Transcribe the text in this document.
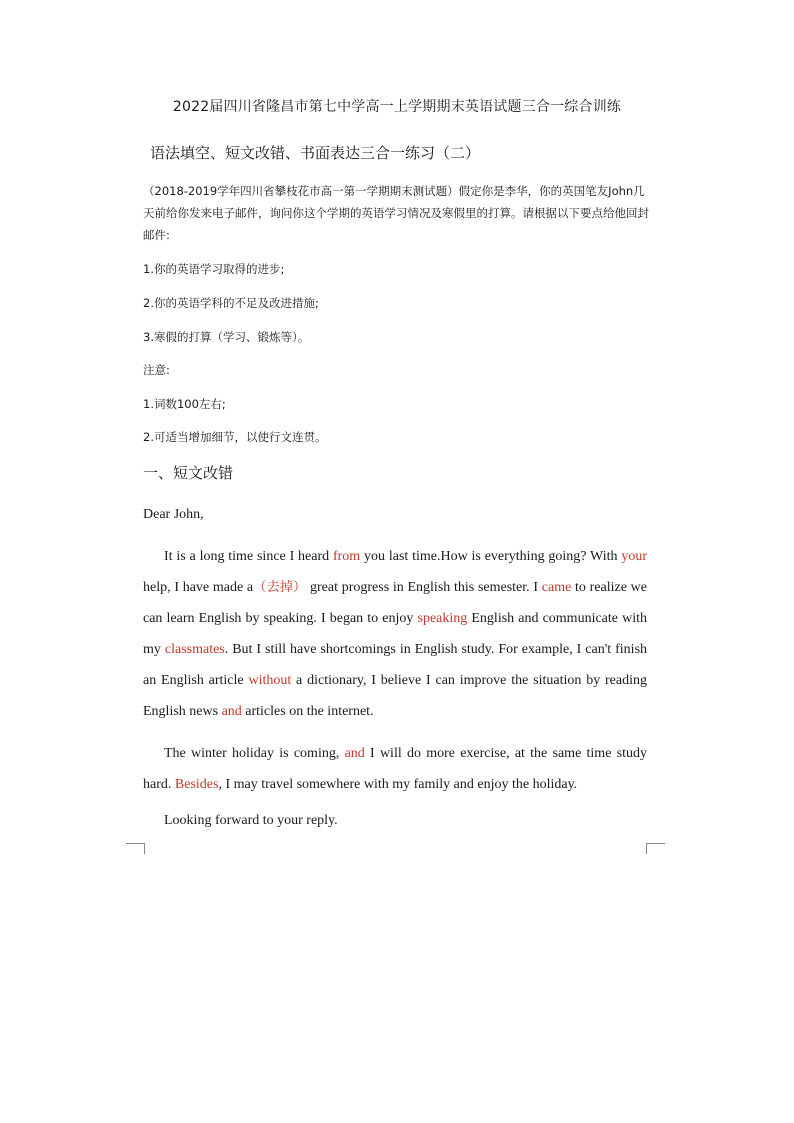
2022届四川省隆昌市第七中学高一上学期期末英语试题三合一综合训练
语法填空、短文改错、书面表达三合一练习（二）
（2018-2019学年四川省攀枝花市高一第一学期期末测试题）假定你是李华，你的英国笔友John几天前给你发来电子邮件，询问你这个学期的英语学习情况及寒假里的打算。请根据以下要点给他回封邮件:
1.你的英语学习取得的进步;
2.你的英语学科的不足及改进措施;
3.寒假的打算（学习、锻炼等）。
注意:
1.词数100左右;
2.可适当增加细节，以使行文连贯。
一、短文改错
Dear John,
It is a long time since I heard from you last time.How is everything going? With your help, I have made a（去掉） great progress in English this semester. I came to realize we can learn English by speaking. I began to enjoy speaking English and communicate with my classmates. But I still have shortcomings in English study. For example, I can't finish an English article without a dictionary, I believe I can improve the situation by reading English news and articles on the internet.
The winter holiday is coming, and I will do more exercise, at the same time study hard. Besides, I may travel somewhere with my family and enjoy the holiday.
Looking forward to your reply.
